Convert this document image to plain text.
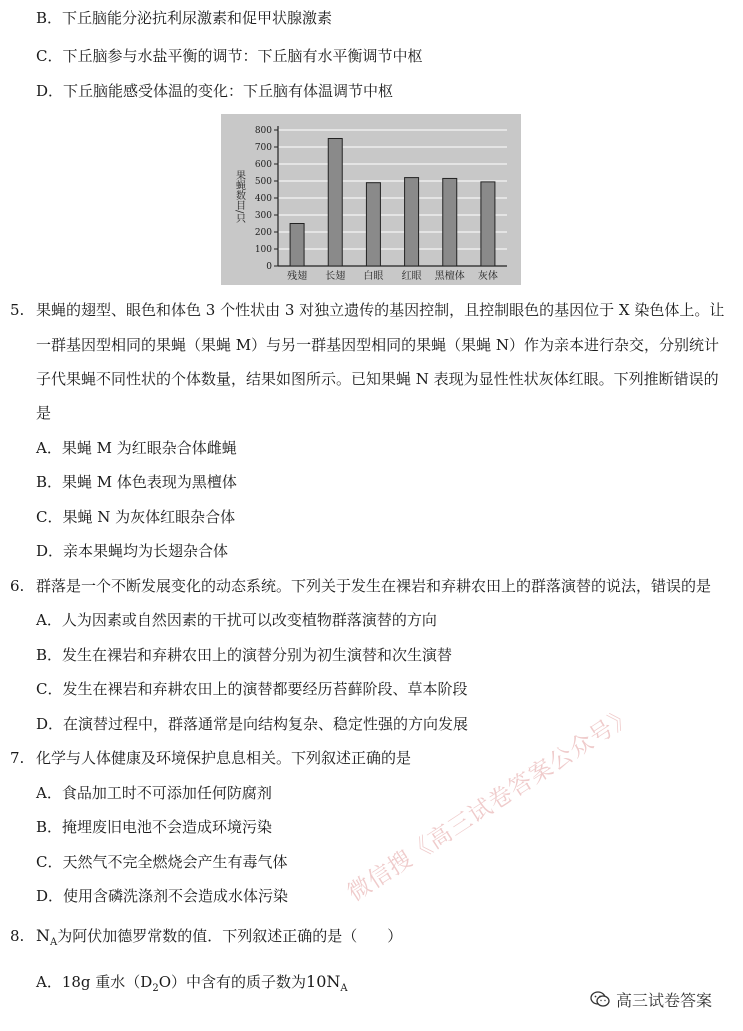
B．下丘脑能分泌抗利尿激素和促甲状腺激素
C．下丘脑参与水盐平衡的调节：下丘脑有水平衡调节中枢
D．下丘脑能感受体温的变化：下丘脑有体温调节中枢
0
100
200
300
400
500
600
700
800
果蝇数目/只
残翅 长翅 白眼 红眼 黑檀体 灰体
5. 果蝇的翅型、眼色和体色 3 个性状由 3 对独立遗传的基因控制，且控制眼色的基因位于 X 染色体上。让
一群基因型相同的果蝇（果蝇 M）与另一群基因型相同的果蝇（果蝇 N）作为亲本进行杂交，分别统计
子代果蝇不同性状的个体数量，结果如图所示。已知果蝇 N 表现为显性性状灰体红眼。下列推断错误的
是
A．果蝇 M 为红眼杂合体雌蝇
B．果蝇 M 体色表现为黑檀体
C．果蝇 N 为灰体红眼杂合体
D．亲本果蝇均为长翅杂合体
6. 群落是一个不断发展变化的动态系统。下列关于发生在裸岩和弃耕农田上的群落演替的说法，错误的是
A．人为因素或自然因素的干扰可以改变植物群落演替的方向
B．发生在裸岩和弃耕农田上的演替分别为初生演替和次生演替
C．发生在裸岩和弃耕农田上的演替都要经历苔藓阶段、草本阶段
D．在演替过程中，群落通常是向结构复杂、稳定性强的方向发展
7. 化学与人体健康及环境保护息息相关。下列叙述正确的是
A．食品加工时不可添加任何防腐剂
B．掩埋废旧电池不会造成环境污染
C．天然气不完全燃烧会产生有毒气体
D．使用含磷洗涤剂不会造成水体污染
8. $N_A$为阿伏加德罗常数的值．下列叙述正确的是（　　）
A．18g 重水$(D_2O)$中含有的质子数为$10N_A$
微信搜《高三试卷答案公众号》
高三试卷答案
